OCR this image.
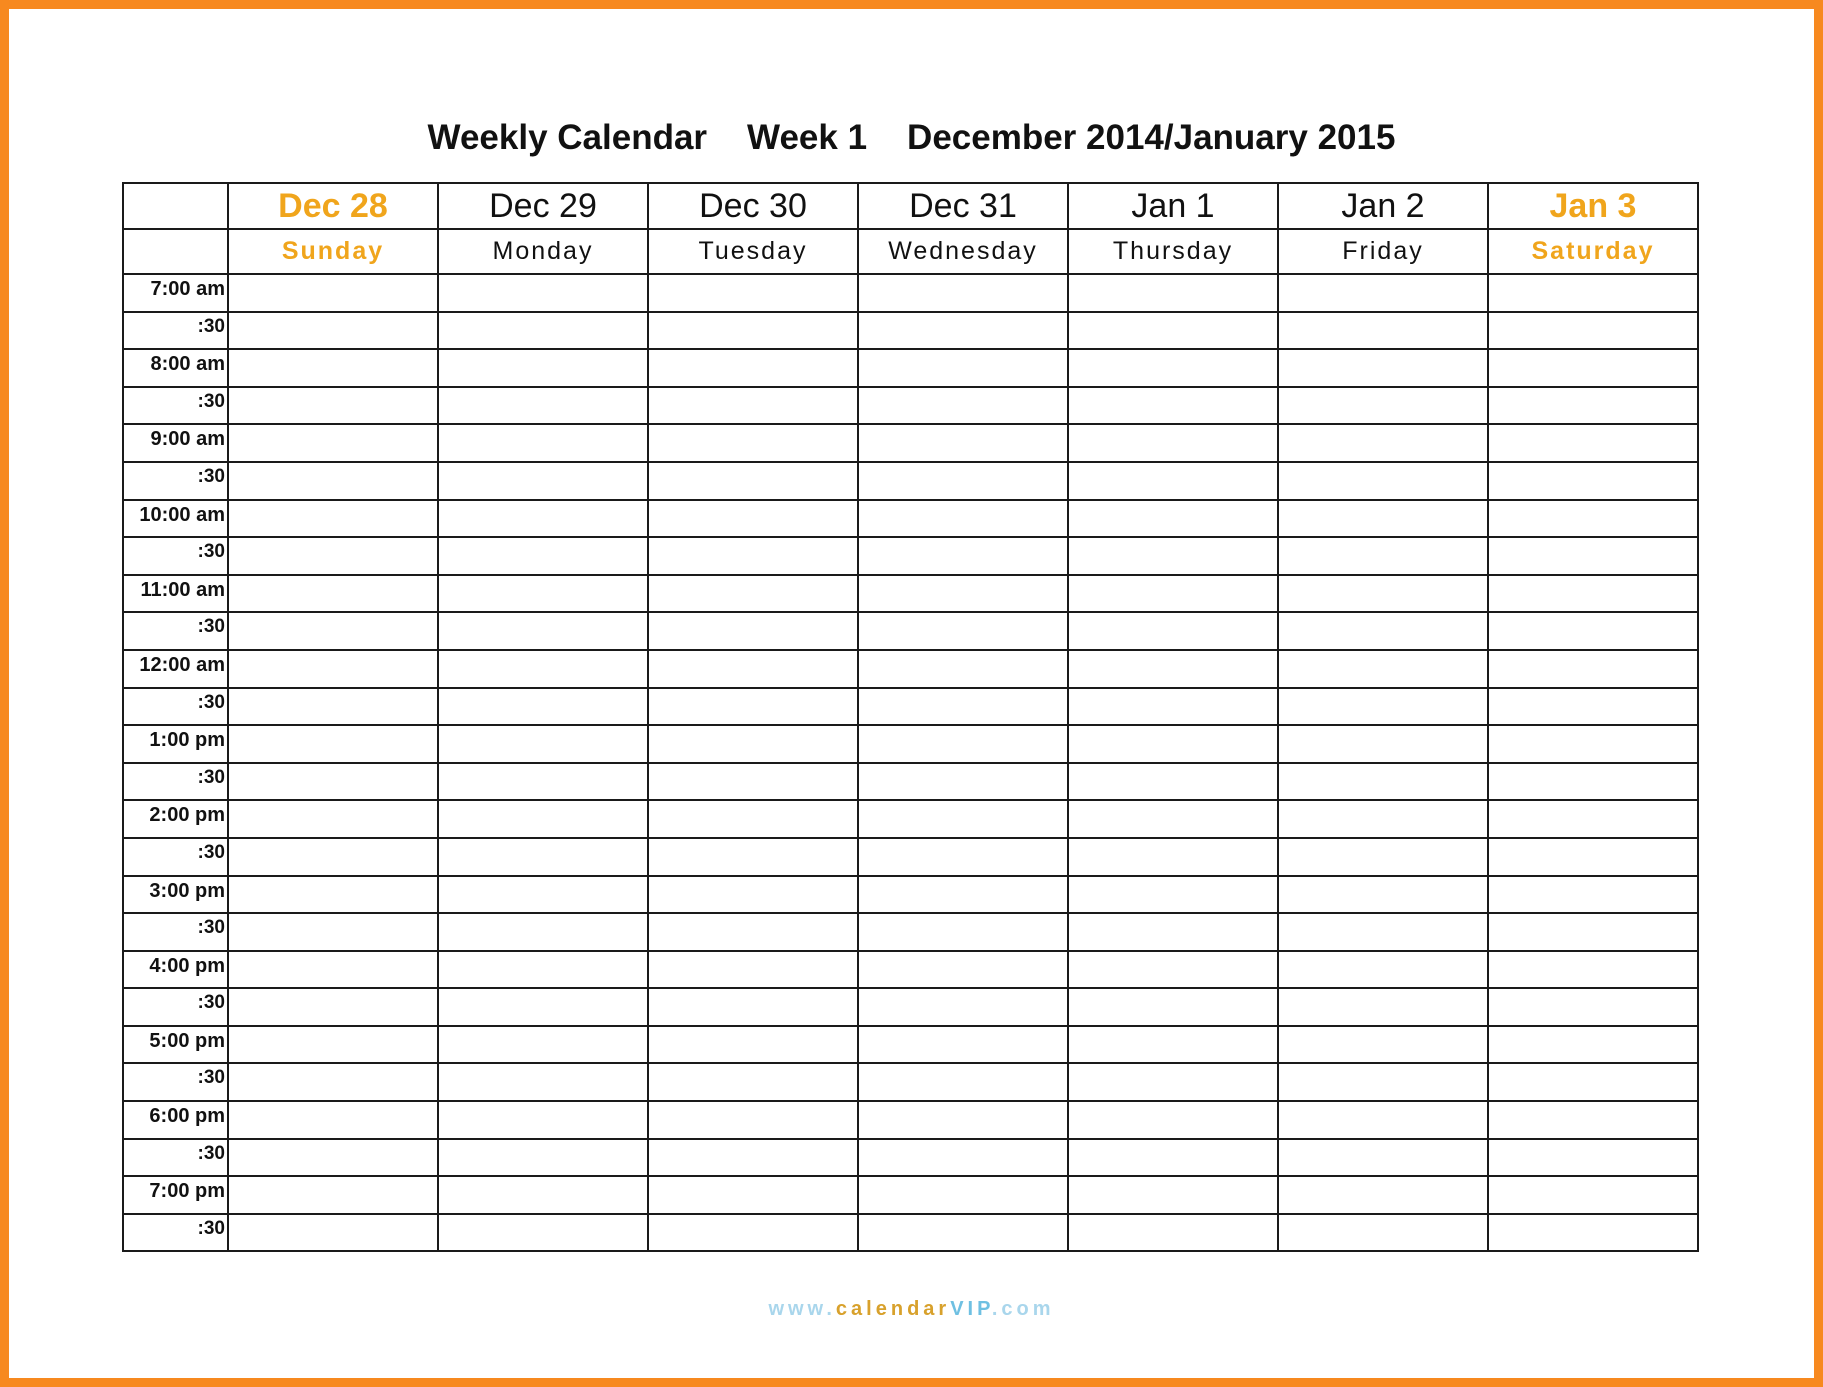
Weekly Calendar Week 1 December 2014/January 2015
	Dec 28	Dec 29	Dec 30	Dec 31	Jan 1	Jan 2	Jan 3
	Sunday	Monday	Tuesday	Wednesday	Thursday	Friday	Saturday
7:00 am							
:30							
8:00 am							
:30							
9:00 am							
:30							
10:00 am							
:30							
11:00 am							
:30							
12:00 am							
:30							
1:00 pm							
:30							
2:00 pm							
:30							
3:00 pm							
:30							
4:00 pm							
:30							
5:00 pm							
:30							
6:00 pm							
:30							
7:00 pm							
:30							
www.calendarVIP.com
